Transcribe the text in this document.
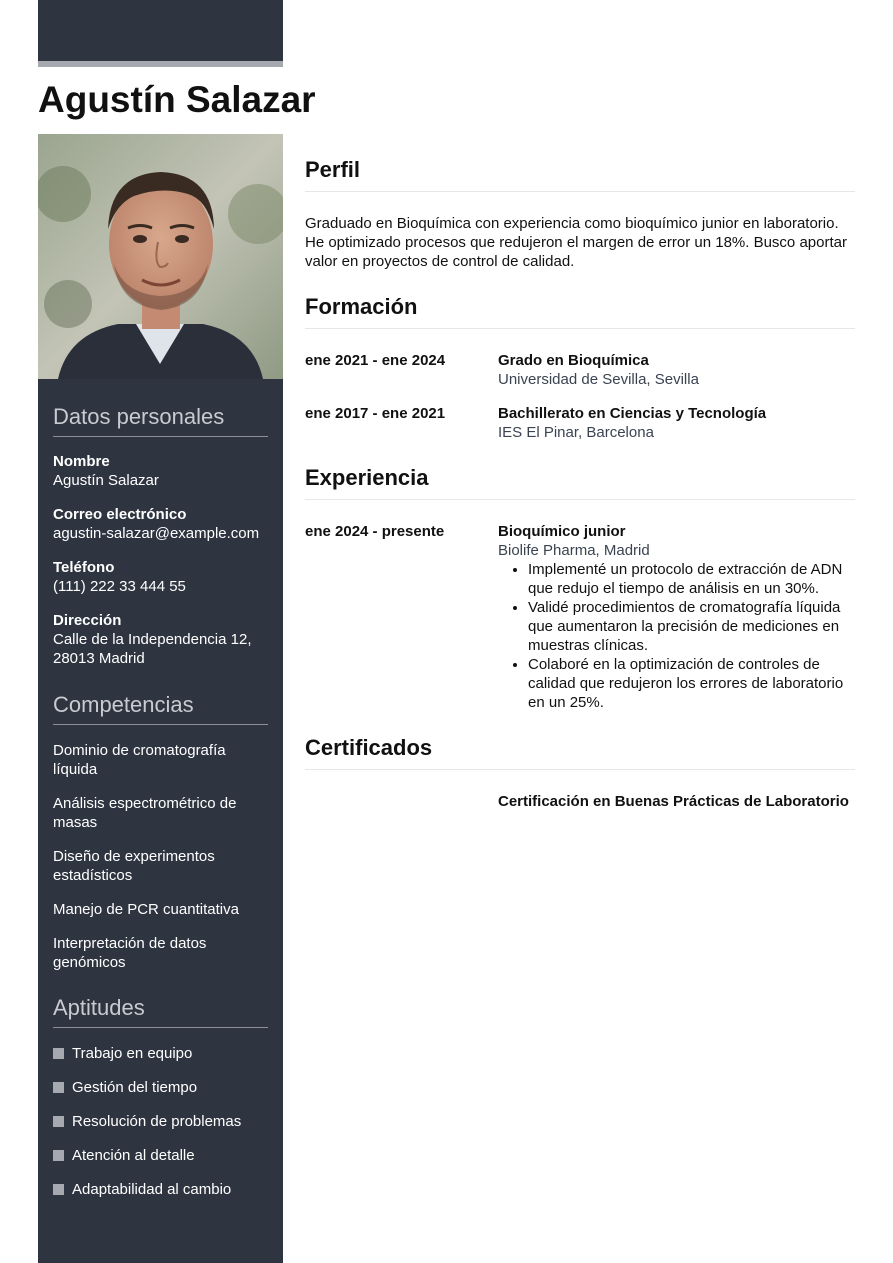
Agustín Salazar
Datos personales
Nombre
Agustín Salazar
Correo electrónico
agustin-salazar@example.com
Teléfono
(111) 222 33 444 55
Dirección
Calle de la Independencia 12, 28013 Madrid
Competencias
Dominio de cromatografía líquida
Análisis espectrométrico de masas
Diseño de experimentos estadísticos
Manejo de PCR cuantitativa
Interpretación de datos genómicos
Aptitudes
Trabajo en equipo
Gestión del tiempo
Resolución de problemas
Atención al detalle
Adaptabilidad al cambio
Perfil

Graduado en Bioquímica con experiencia como bioquímico junior en laboratorio. He optimizado procesos que redujeron el margen de error un 18%. Busco aportar valor en proyectos de control de calidad.

Formación
ene 2021 - ene 2024	Grado en Bioquímica
Universidad de Sevilla, Sevilla
ene 2017 - ene 2021	Bachillerato en Ciencias y Tecnología
IES El Pinar, Barcelona
Experiencia
ene 2024 - presente	Bioquímico junior
Biolife Pharma, Madrid
• Implementé un protocolo de extracción de ADN que redujo el tiempo de análisis en un 30%.
• Validé procedimientos de cromatografía líquida que aumentaron la precisión de mediciones en muestras clínicas.
• Colaboré en la optimización de controles de calidad que redujeron los errores de laboratorio en un 25%.
Certificados
Certificación en Buenas Prácticas de Laboratorio
